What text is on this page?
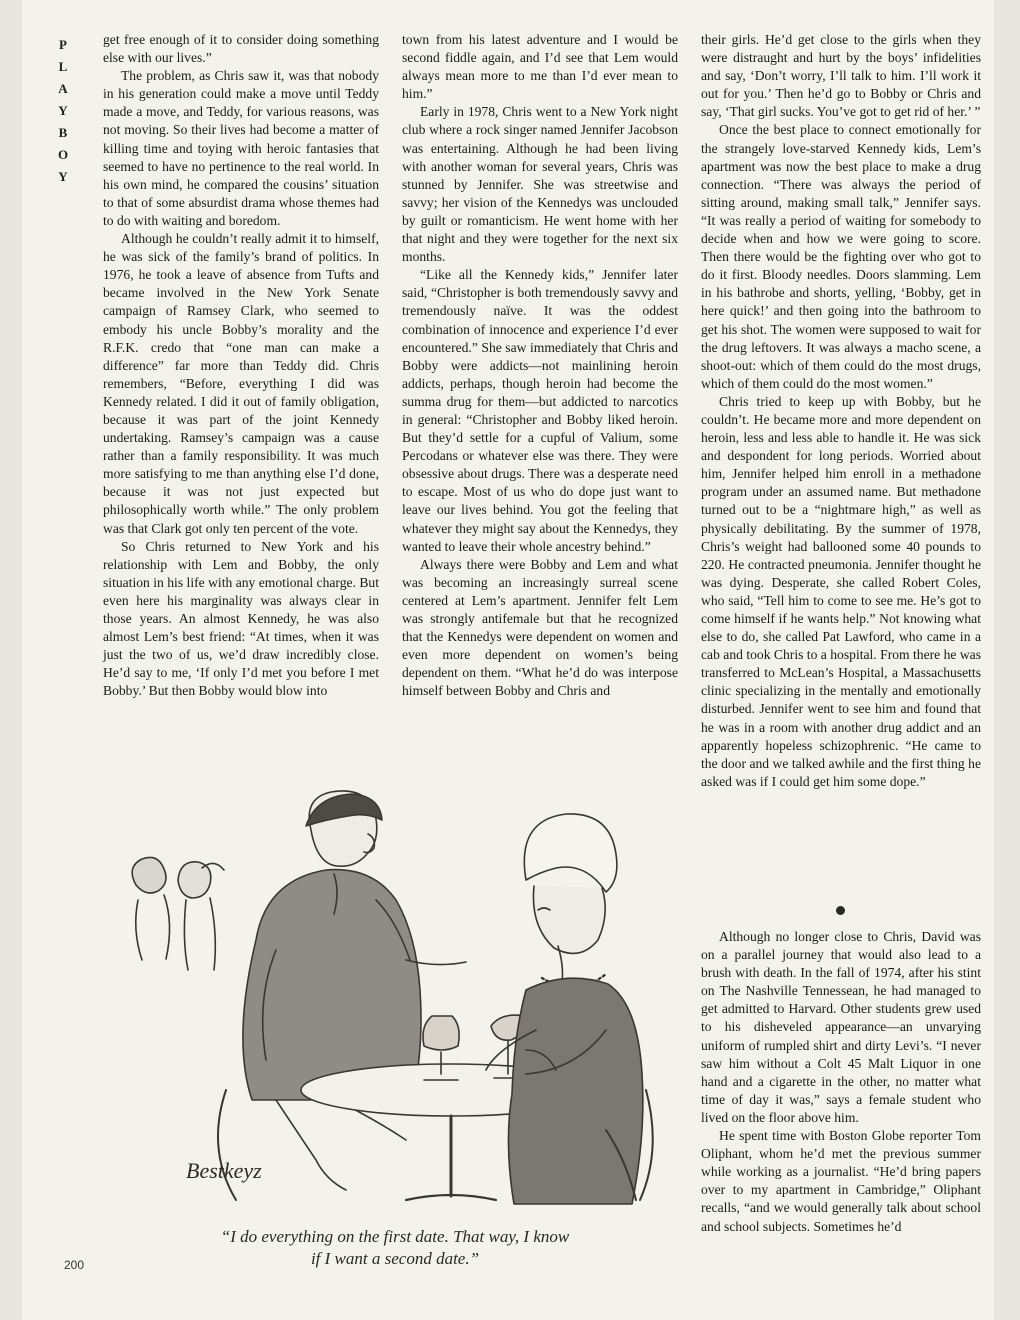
P
L
A
Y
B
O
Y

get free enough of it to consider doing something else with our lives.”

The problem, as Chris saw it, was that nobody in his generation could make a move until Teddy made a move, and Teddy, for various reasons, was not moving. So their lives had become a matter of killing time and toying with heroic fantasies that seemed to have no pertinence to the real world. In his own mind, he compared the cousins’ situation to that of some absurdist drama whose themes had to do with waiting and boredom.

Although he couldn’t really admit it to himself, he was sick of the family’s brand of politics. In 1976, he took a leave of absence from Tufts and became involved in the New York Senate campaign of Ramsey Clark, who seemed to embody his uncle Bobby’s morality and the R.F.K. credo that “one man can make a difference” far more than Teddy did. Chris remembers, “Before, everything I did was Kennedy related. I did it out of family obligation, because it was part of the joint Kennedy undertaking. Ramsey’s campaign was a cause rather than a family responsibility. It was much more satisfying to me than anything else I’d done, because it was not just expected but philosophically worth while.” The only problem was that Clark got only ten percent of the vote.

So Chris returned to New York and his relationship with Lem and Bobby, the only situation in his life with any emotional charge. But even here his marginality was always clear in those years. An almost Kennedy, he was also almost Lem’s best friend: “At times, when it was just the two of us, we’d draw incredibly close. He’d say to me, ‘If only I’d met you before I met Bobby.’ But then Bobby would blow into

town from his latest adventure and I would be second fiddle again, and I’d see that Lem would always mean more to me than I’d ever mean to him.”

Early in 1978, Chris went to a New York night club where a rock singer named Jennifer Jacobson was entertaining. Although he had been living with another woman for several years, Chris was stunned by Jennifer. She was streetwise and savvy; her vision of the Kennedys was unclouded by guilt or romanticism. He went home with her that night and they were together for the next six months.

“Like all the Kennedy kids,” Jennifer later said, “Christopher is both tremendously savvy and tremendously naïve. It was the oddest combination of innocence and experience I’d ever encountered.” She saw immediately that Chris and Bobby were addicts—not mainlining heroin addicts, perhaps, though heroin had become the summa drug for them—but addicted to narcotics in general: “Christopher and Bobby liked heroin. But they’d settle for a cupful of Valium, some Percodans or whatever else was there. They were obsessive about drugs. There was a desperate need to escape. Most of us who do dope just want to leave our lives behind. You got the feeling that whatever they might say about the Kennedys, they wanted to leave their whole ancestry behind.”

Always there were Bobby and Lem and what was becoming an increasingly surreal scene centered at Lem’s apartment. Jennifer felt Lem was strongly antifemale but that he recognized that the Kennedys were dependent on women and even more dependent on women’s being dependent on them. “What he’d do was interpose himself between Bobby and Chris and

their girls. He’d get close to the girls when they were distraught and hurt by the boys’ infidelities and say, ‘Don’t worry, I’ll talk to him. I’ll work it out for you.’ Then he’d go to Bobby or Chris and say, ‘That girl sucks. You’ve got to get rid of her.’ ”

Once the best place to connect emotionally for the strangely love-starved Kennedy kids, Lem’s apartment was now the best place to make a drug connection. “There was always the period of sitting around, making small talk,” Jennifer says. “It was really a period of waiting for somebody to decide when and how we were going to score. Then there would be the fighting over who got to do it first. Bloody needles. Doors slamming. Lem in his bathrobe and shorts, yelling, ‘Bobby, get in here quick!’ and then going into the bathroom to get his shot. The women were supposed to wait for the drug leftovers. It was always a macho scene, a shoot-out: which of them could do the most drugs, which of them could do the most women.”

Chris tried to keep up with Bobby, but he couldn’t. He became more and more dependent on heroin, less and less able to handle it. He was sick and despondent for long periods. Worried about him, Jennifer helped him enroll in a methadone program under an assumed name. But methadone turned out to be a “nightmare high,” as well as physically debilitating. By the summer of 1978, Chris’s weight had ballooned some 40 pounds to 220. He contracted pneumonia. Jennifer thought he was dying. Desperate, she called Robert Coles, who said, “Tell him to come to see me. He’s got to come himself if he wants help.” Not knowing what else to do, she called Pat Lawford, who came in a cab and took Chris to a hospital. From there he was transferred to McLean’s Hospital, a Massachusetts clinic specializing in the mentally and emotionally disturbed. Jennifer went to see him and found that he was in a room with another drug addict and an apparently hopeless schizophrenic. “He came to the door and we talked awhile and the first thing he asked was if I could get him some dope.”

Although no longer close to Chris, David was on a parallel journey that would also lead to a brush with death. In the fall of 1974, after his stint on The Nashville Tennessean, he had managed to get admitted to Harvard. Other students grew used to his disheveled appearance—an unvarying uniform of rumpled shirt and dirty Levi’s. “I never saw him without a Colt 45 Malt Liquor in one hand and a cigarette in the other, no matter what time of day it was,” says a female student who lived on the floor above him.

He spent time with Boston Globe reporter Tom Oliphant, whom he’d met the previous summer while working as a journalist. “He’d bring papers over to my apartment in Cambridge,” Oliphant recalls, “and we would generally talk about school and school subjects. Sometimes he’d

Bestkeyz
“I do everything on the first date. That way, I know
if I want a second date.”
200
